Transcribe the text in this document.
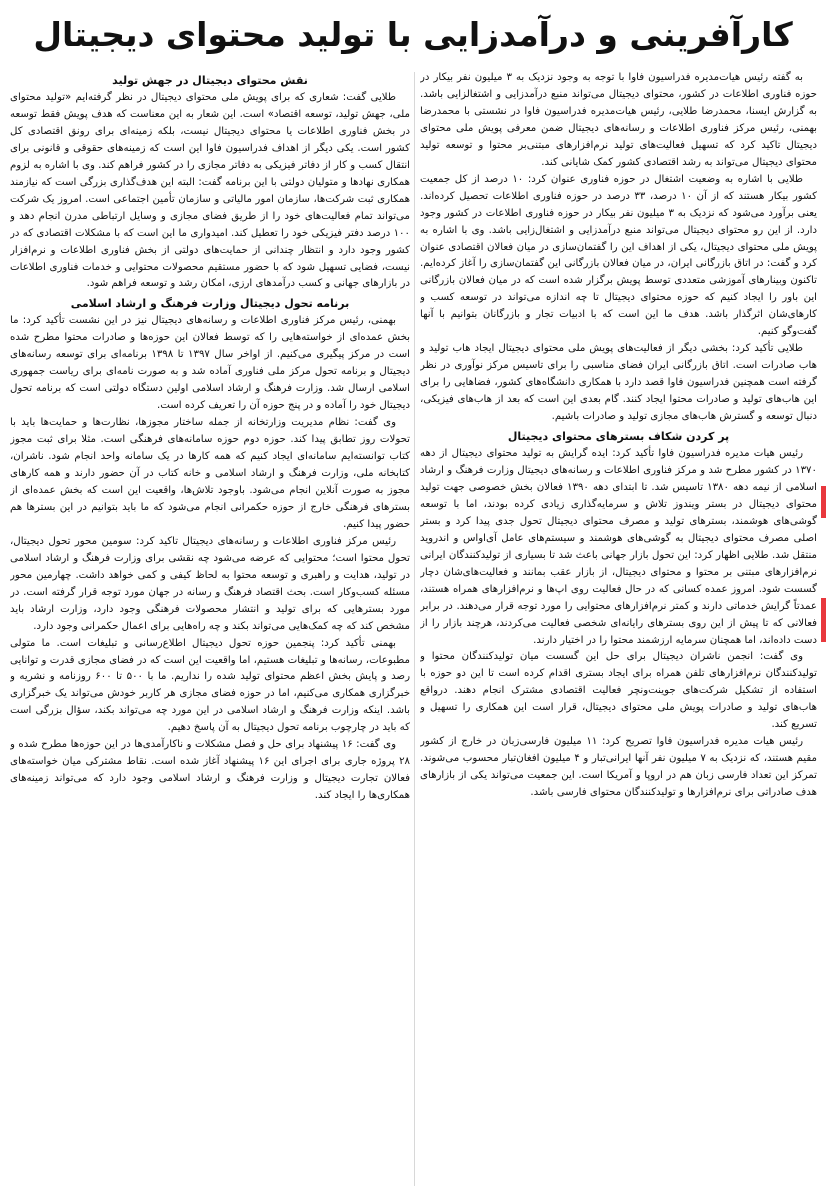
کارآفرینی و درآمدزایی با تولید محتوای دیجیتال

به گفته رئیس هیات‌مدیره فدراسیون فاوا با توجه به وجود نزدیک به ۳ میلیون نفر بیکار در حوزه فناوری اطلاعات در کشور، محتوای دیجیتال می‌تواند منبع درآمدزایی و اشتغالزایی باشد. به گزارش ایسنا، محمدرضا طلایی، رئیس هیات‌مدیره فدراسیون فاوا در نشستی با محمدرضا بهمنی، رئیس مرکز فناوری اطلاعات و رسانه‌های دیجیتال ضمن معرفی پویش ملی محتوای دیجیتال تاکید کرد که تسهیل فعالیت‌های تولید نرم‌افزارهای مبتنی‌بر محتوا و توسعه تولید محتوای دیجیتال می‌تواند به رشد اقتصادی کشور کمک شایانی کند.

طلایی با اشاره به وضعیت اشتغال در حوزه فناوری عنوان کرد: ۱۰ درصد از کل جمعیت کشور بیکار هستند که از آن ۱۰ درصد، ۳۳ درصد در حوزه فناوری اطلاعات تحصیل کرده‌اند. یعنی برآورد می‌شود که نزدیک به ۳ میلیون نفر بیکار در حوزه فناوری اطلاعات در کشور وجود دارد. از این رو محتوای دیجیتال می‌تواند منبع درآمدزایی و اشتغال‌زایی باشد. وی با اشاره به پویش ملی محتوای دیجیتال، یکی از اهداف این را گفتمان‌سازی در میان فعالان اقتصادی عنوان کرد و گفت: در اتاق بازرگانی ایران، در میان فعالان بازرگانی این گفتمان‌سازی را آغاز کرده‌ایم. تاکنون وبینارهای آموزشی متعددی توسط پویش برگزار شده است که در میان فعالان بازرگانی این باور را ایجاد کنیم که حوزه محتوای دیجیتال تا چه اندازه می‌تواند در توسعه کسب و کارهای‌شان اثرگذار باشد. هدف ما این است که با ادبیات تجار و بازرگانان بتوانیم با آنها گفت‌وگو کنیم.

طلایی تأکید کرد: بخشی دیگر از فعالیت‌های پویش ملی محتوای دیجیتال ایجاد هاب تولید و هاب صادرات است. اتاق بازرگانی ایران فضای مناسبی را برای تاسیس مرکز نوآوری در نظر گرفته است همچنین فدراسیون فاوا قصد دارد با همکاری دانشگاه‌های کشور، فضاهایی را برای این هاب‌های تولید و صادرات محتوا ایجاد کنند. گام بعدی این است که بعد از هاب‌های فیزیکی، دنبال توسعه و گسترش هاب‌های مجازی تولید و صادرات باشیم.

پر کردن شکاف بسترهای محتوای دیجیتال

رئیس هیات مدیره فدراسیون فاوا تأکید کرد: ایده گرایش به تولید محتوای دیجیتال از دهه ۱۳۷۰ در کشور مطرح شد و مرکز فناوری اطلاعات و رسانه‌های دیجیتال وزارت فرهنگ و ارشاد اسلامی از نیمه دهه ۱۳۸۰ تاسیس شد. تا ابتدای دهه ۱۳۹۰ فعالان بخش خصوصی جهت تولید محتوای دیجیتال در بستر ویندوز تلاش و سرمایه‌گذاری زیادی کرده بودند، اما با توسعه گوشی‌های هوشمند، بسترهای تولید و مصرف محتوای دیجیتال تحول جدی پیدا کرد و بستر اصلی مصرف محتوای دیجیتال به گوشی‌های هوشمند و سیستم‌های عامل آی‌اواس و اندروید منتقل شد. طلایی اظهار کرد: این تحول بازار جهانی باعث شد تا بسیاری از تولیدکنندگان ایرانی نرم‌افزارهای مبتنی بر محتوا و محتوای دیجیتال، از بازار عقب بمانند و فعالیت‌های‌شان دچار گسست شود. امروز عمده کسانی که در حال فعالیت روی اپ‌ها و نرم‌افزارهای همراه هستند، عمدتاً گرایش خدماتی دارند و کمتر نرم‌افزارهای محتوایی را مورد توجه قرار می‌دهند. در برابر فعالانی که تا پیش از این روی بسترهای رایانه‌ای شخصی فعالیت می‌کردند، هرچند بازار را از دست داده‌اند، اما همچنان سرمایه ارزشمند محتوا را در اختیار دارند.

وی گفت: انجمن ناشران دیجیتال برای حل این گسست میان تولیدکنندگان محتوا و تولیدکنندگان نرم‌افزارهای تلفن همراه برای ایجاد بستری اقدام کرده است تا این دو حوزه با استفاده از تشکیل شرکت‌های جوینت‌ونچر فعالیت اقتصادی مشترک انجام دهند. درواقع هاب‌های تولید و صادرات پویش ملی محتوای دیجیتال، قرار است این همکاری را تسهیل و تسریع کند.

رئیس هیات مدیره فدراسیون فاوا تصریح کرد: ۱۱ میلیون فارسی‌زبان در خارج از کشور مقیم هستند، که نزدیک به ۷ میلیون نفر آنها ایرانی‌تبار و ۴ میلیون افغان‌تبار محسوب می‌شوند. تمرکز این تعداد فارسی زبان هم در اروپا و آمریکا است. این جمعیت می‌تواند یکی از بازارهای هدف صادراتی برای نرم‌افزارها و تولیدکنندگان محتوای فارسی باشد.

نقش محتوای دیجیتال در جهش تولید

طلایی گفت: شعاری که برای پویش ملی محتوای دیجیتال در نظر گرفته‌ایم «تولید محتوای ملی، جهش تولید، توسعه اقتصاد» است. این شعار به این معناست که هدف پویش فقط توسعه در بخش فناوری اطلاعات یا محتوای دیجیتال نیست، بلکه زمینه‌ای برای رونق اقتصادی کل کشور است. یکی دیگر از اهداف فدراسیون فاوا این است که زمینه‌های حقوقی و قانونی برای انتقال کسب و کار از دفاتر فیزیکی به دفاتر مجازی را در کشور فراهم کند. وی با اشاره به لزوم همکاری نهادها و متولیان دولتی با این برنامه گفت: البته این هدف‌گذاری بزرگی است که نیازمند همکاری ثبت شرکت‌ها، سازمان امور مالیاتی و سازمان تأمین اجتماعی است. امروز یک شرکت می‌تواند تمام فعالیت‌های خود را از طریق فضای مجازی و وسایل ارتباطی مدرن انجام دهد و ۱۰۰ درصد دفتر فیزیکی خود را تعطیل کند. امیدواری ما این است که با مشکلات اقتصادی که در کشور وجود دارد و انتظار چندانی از حمایت‌های دولتی از بخش فناوری اطلاعات و نرم‌افزار نیست، فضایی تسهیل شود که با حضور مستقیم محصولات محتوایی و خدمات فناوری اطلاعات در بازارهای جهانی و کسب درآمدهای ارزی، امکان رشد و توسعه فراهم شود.

برنامه تحول دیجیتال وزارت فرهنگ و ارشاد اسلامی

بهمنی، رئیس مرکز فناوری اطلاعات و رسانه‌های دیجیتال نیز در این نشست تأکید کرد: ما بخش عمده‌ای از خواسته‌هایی را که توسط فعالان این حوزه‌ها و صادرات محتوا مطرح شده است در مرکز پیگیری می‌کنیم. از اواخر سال ۱۳۹۷ تا ۱۳۹۸ برنامه‌ای برای توسعه رسانه‌های دیجیتال و برنامه تحول مرکز ملی فناوری آماده شد و به صورت نامه‌ای برای ریاست جمهوری اسلامی ارسال شد. وزارت فرهنگ و ارشاد اسلامی اولین دستگاه دولتی است که برنامه تحول دیجیتال خود را آماده و در پنج حوزه آن را تعریف کرده است.

وی گفت: نظام مدیریت وزارتخانه از جمله ساختار مجوزها، نظارت‌ها و حمایت‌ها باید با تحولات روز تطابق پیدا کند. حوزه دوم حوزه سامانه‌های فرهنگی است. مثلا برای ثبت مجوز کتاب توانسته‌ایم سامانه‌ای ایجاد کنیم که همه کارها در یک سامانه واحد انجام شود. ناشران، کتابخانه ملی، وزارت فرهنگ و ارشاد اسلامی و خانه کتاب در آن حضور دارند و همه کارهای مجوز به صورت آنلاین انجام می‌شود. باوجود تلاش‌ها، واقعیت این است که بخش عمده‌ای از بسترهای فرهنگی خارج از حوزه حکمرانی انجام می‌شود که ما باید بتوانیم در این بسترها هم حضور پیدا کنیم.

رئیس مرکز فناوری اطلاعات و رسانه‌های دیجیتال تاکید کرد: سومین محور تحول دیجیتال، تحول محتوا است؛ محتوایی که عرضه می‌شود چه نقشی برای وزارت فرهنگ و ارشاد اسلامی در تولید، هدایت و راهبری و توسعه محتوا به لحاظ کیفی و کمی خواهد داشت. چهارمین محور مسئله کسب‌وکار است. بحث اقتصاد فرهنگ و رسانه در جهان مورد توجه قرار گرفته است. در مورد بسترهایی که برای تولید و انتشار محصولات فرهنگی وجود دارد، وزارت ارشاد باید مشخص کند که چه کمک‌هایی می‌تواند بکند و چه راه‌هایی برای اعمال حکمرانی وجود دارد.

بهمنی تأکید کرد: پنجمین حوزه تحول دیجیتال اطلاع‌رسانی و تبلیغات است. ما متولی مطبوعات، رسانه‌ها و تبلیغات هستیم، اما واقعیت این است که در فضای مجازی قدرت و توانایی رصد و پایش بخش اعظم محتوای تولید شده را نداریم. ما با ۵۰۰ تا ۶۰۰ روزنامه و نشریه و خبرگزاری همکاری می‌کنیم، اما در حوزه فضای مجازی هر کاربر خودش می‌تواند یک خبرگزاری باشد. اینکه وزارت فرهنگ و ارشاد اسلامی در این مورد چه می‌تواند بکند، سؤال بزرگی است که باید در چارچوب برنامه تحول دیجیتال به آن پاسخ دهیم.

وی گفت: ۱۶ پیشنهاد برای حل و فصل مشکلات و ناکارآمدی‌ها در این حوزه‌ها مطرح شده و ۲۸ پروژه جاری برای اجرای این ۱۶ پیشنهاد آغاز شده است. نقاط مشترکی میان خواسته‌های فعالان تجارت دیجیتال و وزارت فرهنگ و ارشاد اسلامی وجود دارد که می‌تواند زمینه‌های همکاری‌ها را ایجاد کند.
